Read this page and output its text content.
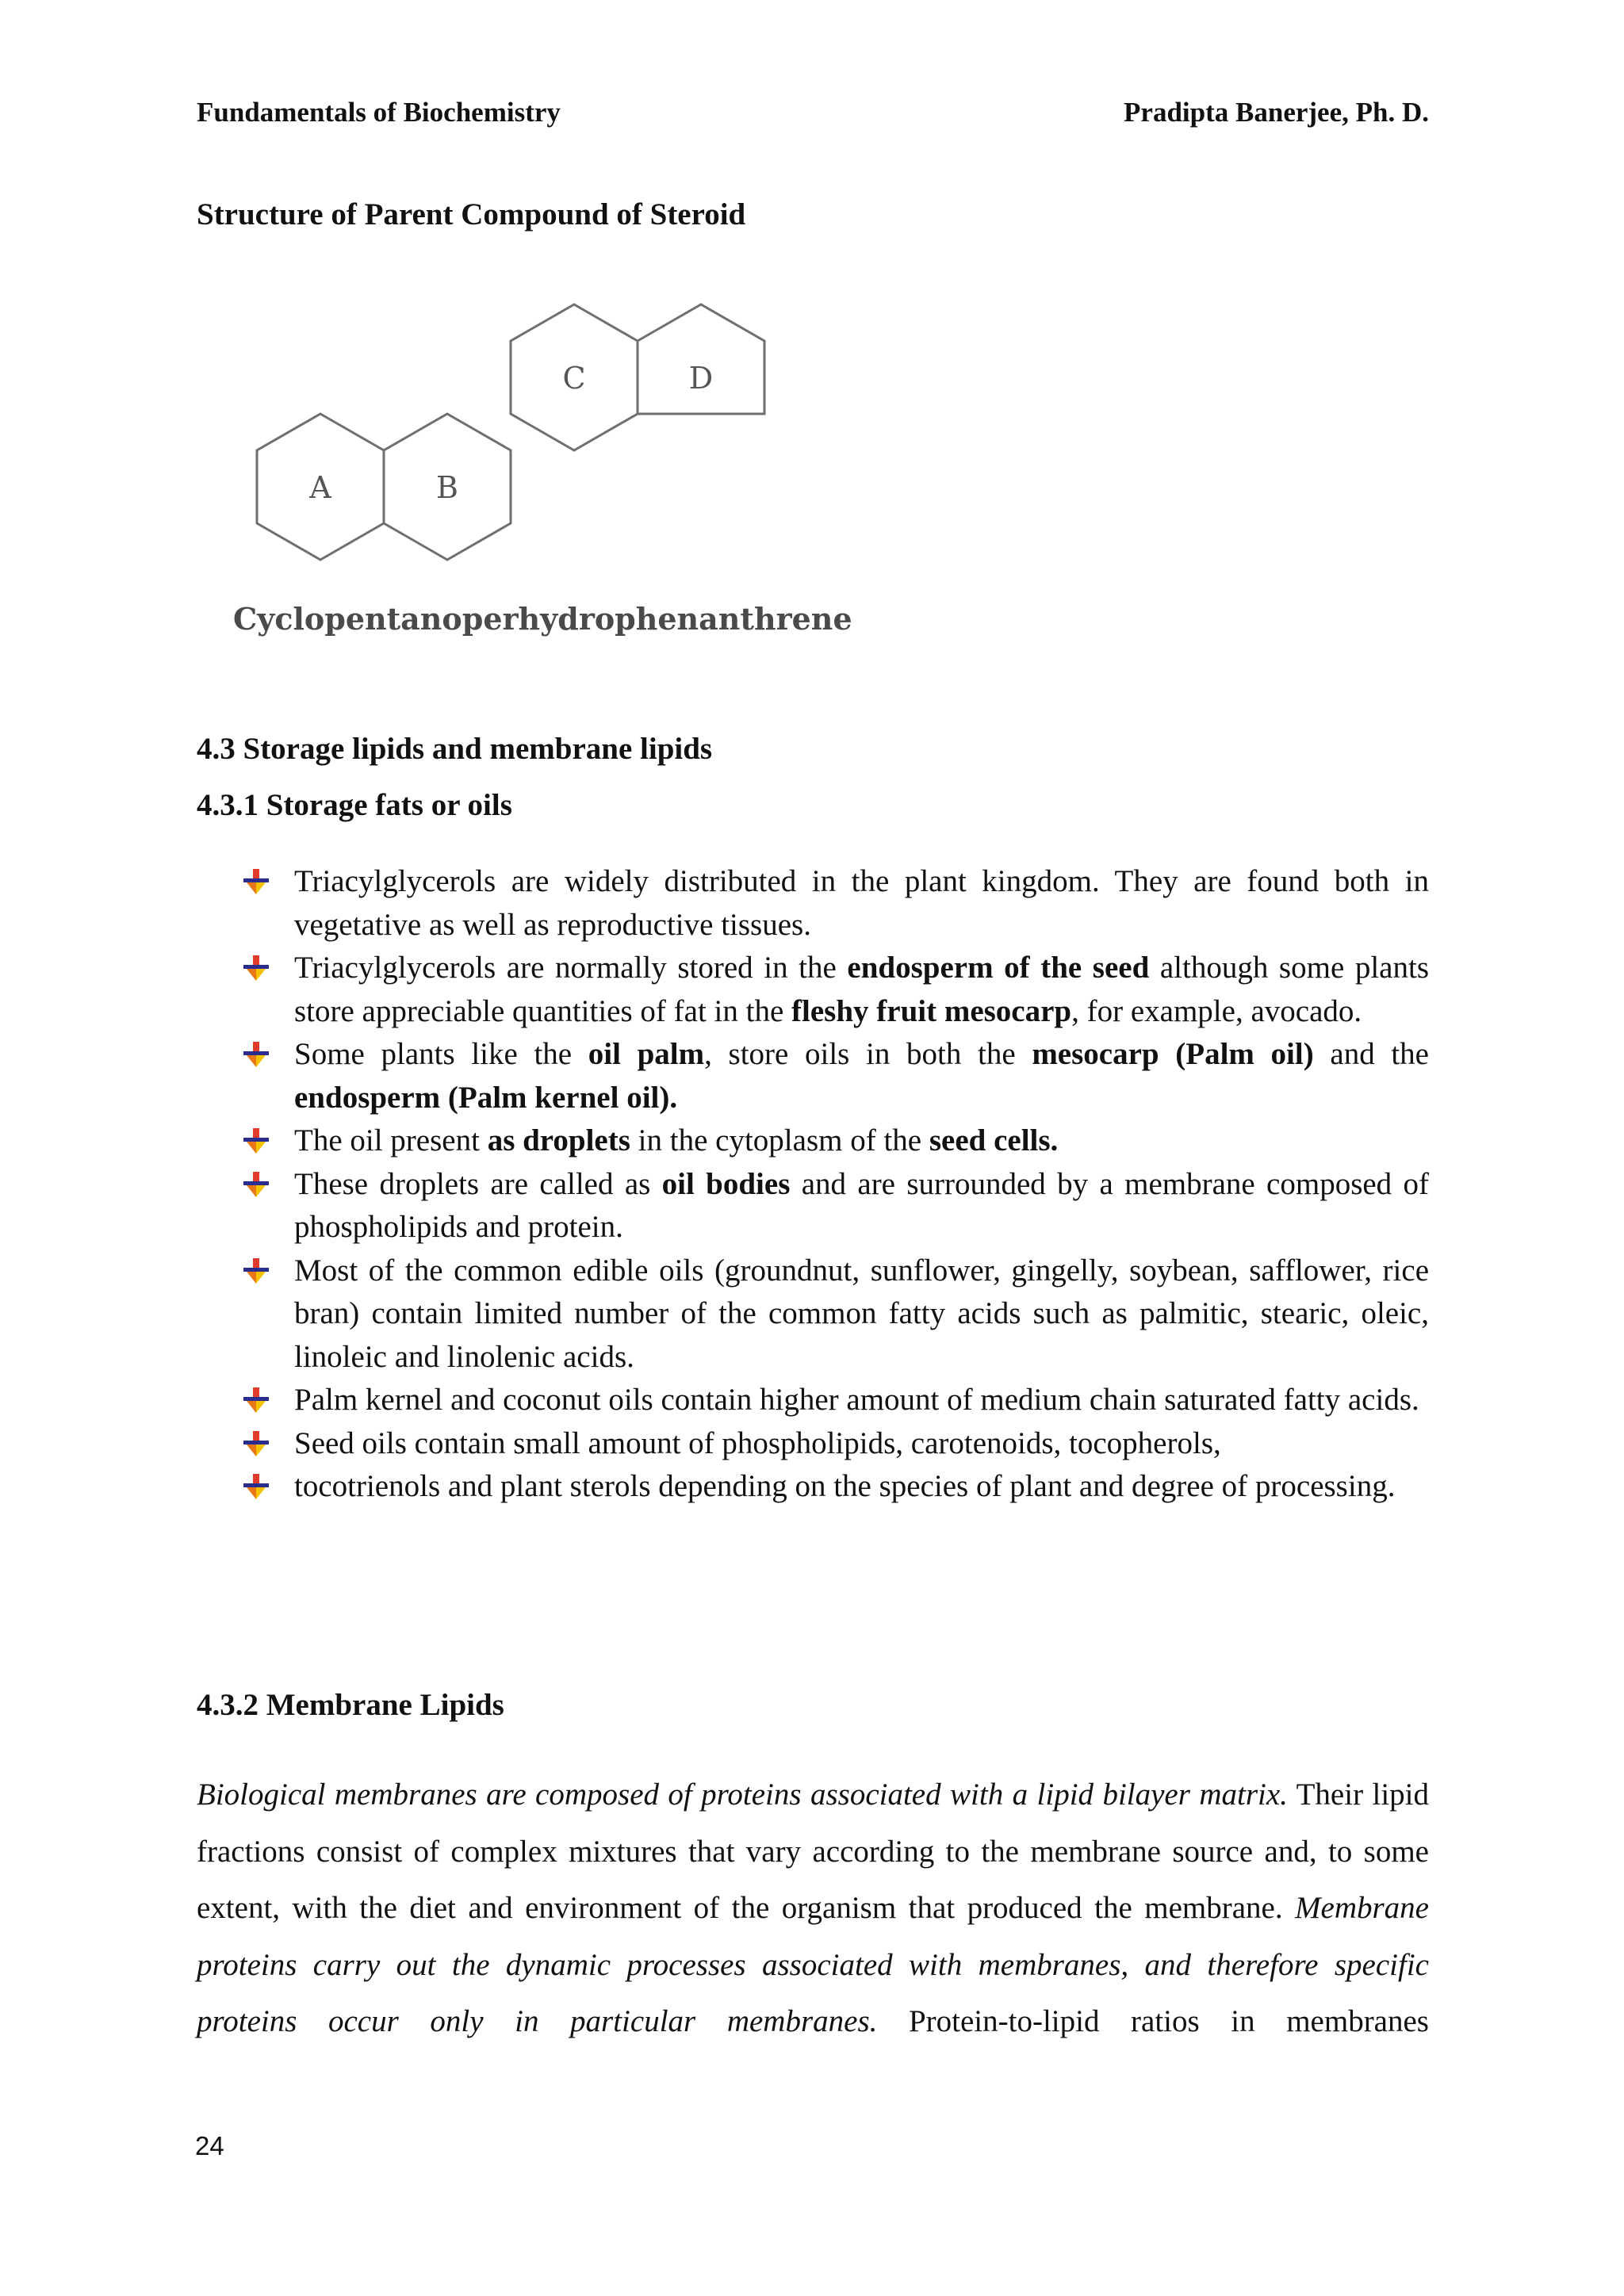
Fundamentals of Biochemistry	Pradipta Banerjee, Ph. D.
Structure of Parent Compound of Steroid
A	B
C	D
Cyclopentanoperhydrophenanthrene
4.3 Storage lipids and membrane lipids
4.3.1 Storage fats or oils
Triacylglycerols are widely distributed in the plant kingdom. They are found both in vegetative as well as reproductive tissues.
Triacylglycerols are normally stored in the endosperm of the seed although some plants store appreciable quantities of fat in the fleshy fruit mesocarp, for example, avocado.
Some plants like the oil palm, store oils in both the mesocarp (Palm oil) and the endosperm (Palm kernel oil).
The oil present as droplets in the cytoplasm of the seed cells.
These droplets are called as oil bodies and are surrounded by a membrane composed of phospholipids and protein.
Most of the common edible oils (groundnut, sunflower, gingelly, soybean, safflower, rice bran) contain limited number of the common fatty acids such as palmitic, stearic, oleic, linoleic and linolenic acids.
Palm kernel and coconut oils contain higher amount of medium chain saturated fatty acids.
Seed oils contain small amount of phospholipids, carotenoids, tocopherols,
tocotrienols and plant sterols depending on the species of plant and degree of processing.
4.3.2 Membrane Lipids

Biological membranes are composed of proteins associated with a lipid bilayer matrix. Their lipid fractions consist of complex mixtures that vary according to the membrane source and, to some extent, with the diet and environment of the organism that produced the membrane. Membrane proteins carry out the dynamic processes associated with membranes, and therefore specific proteins occur only in particular membranes. Protein-to-lipid ratios in membranes

24
